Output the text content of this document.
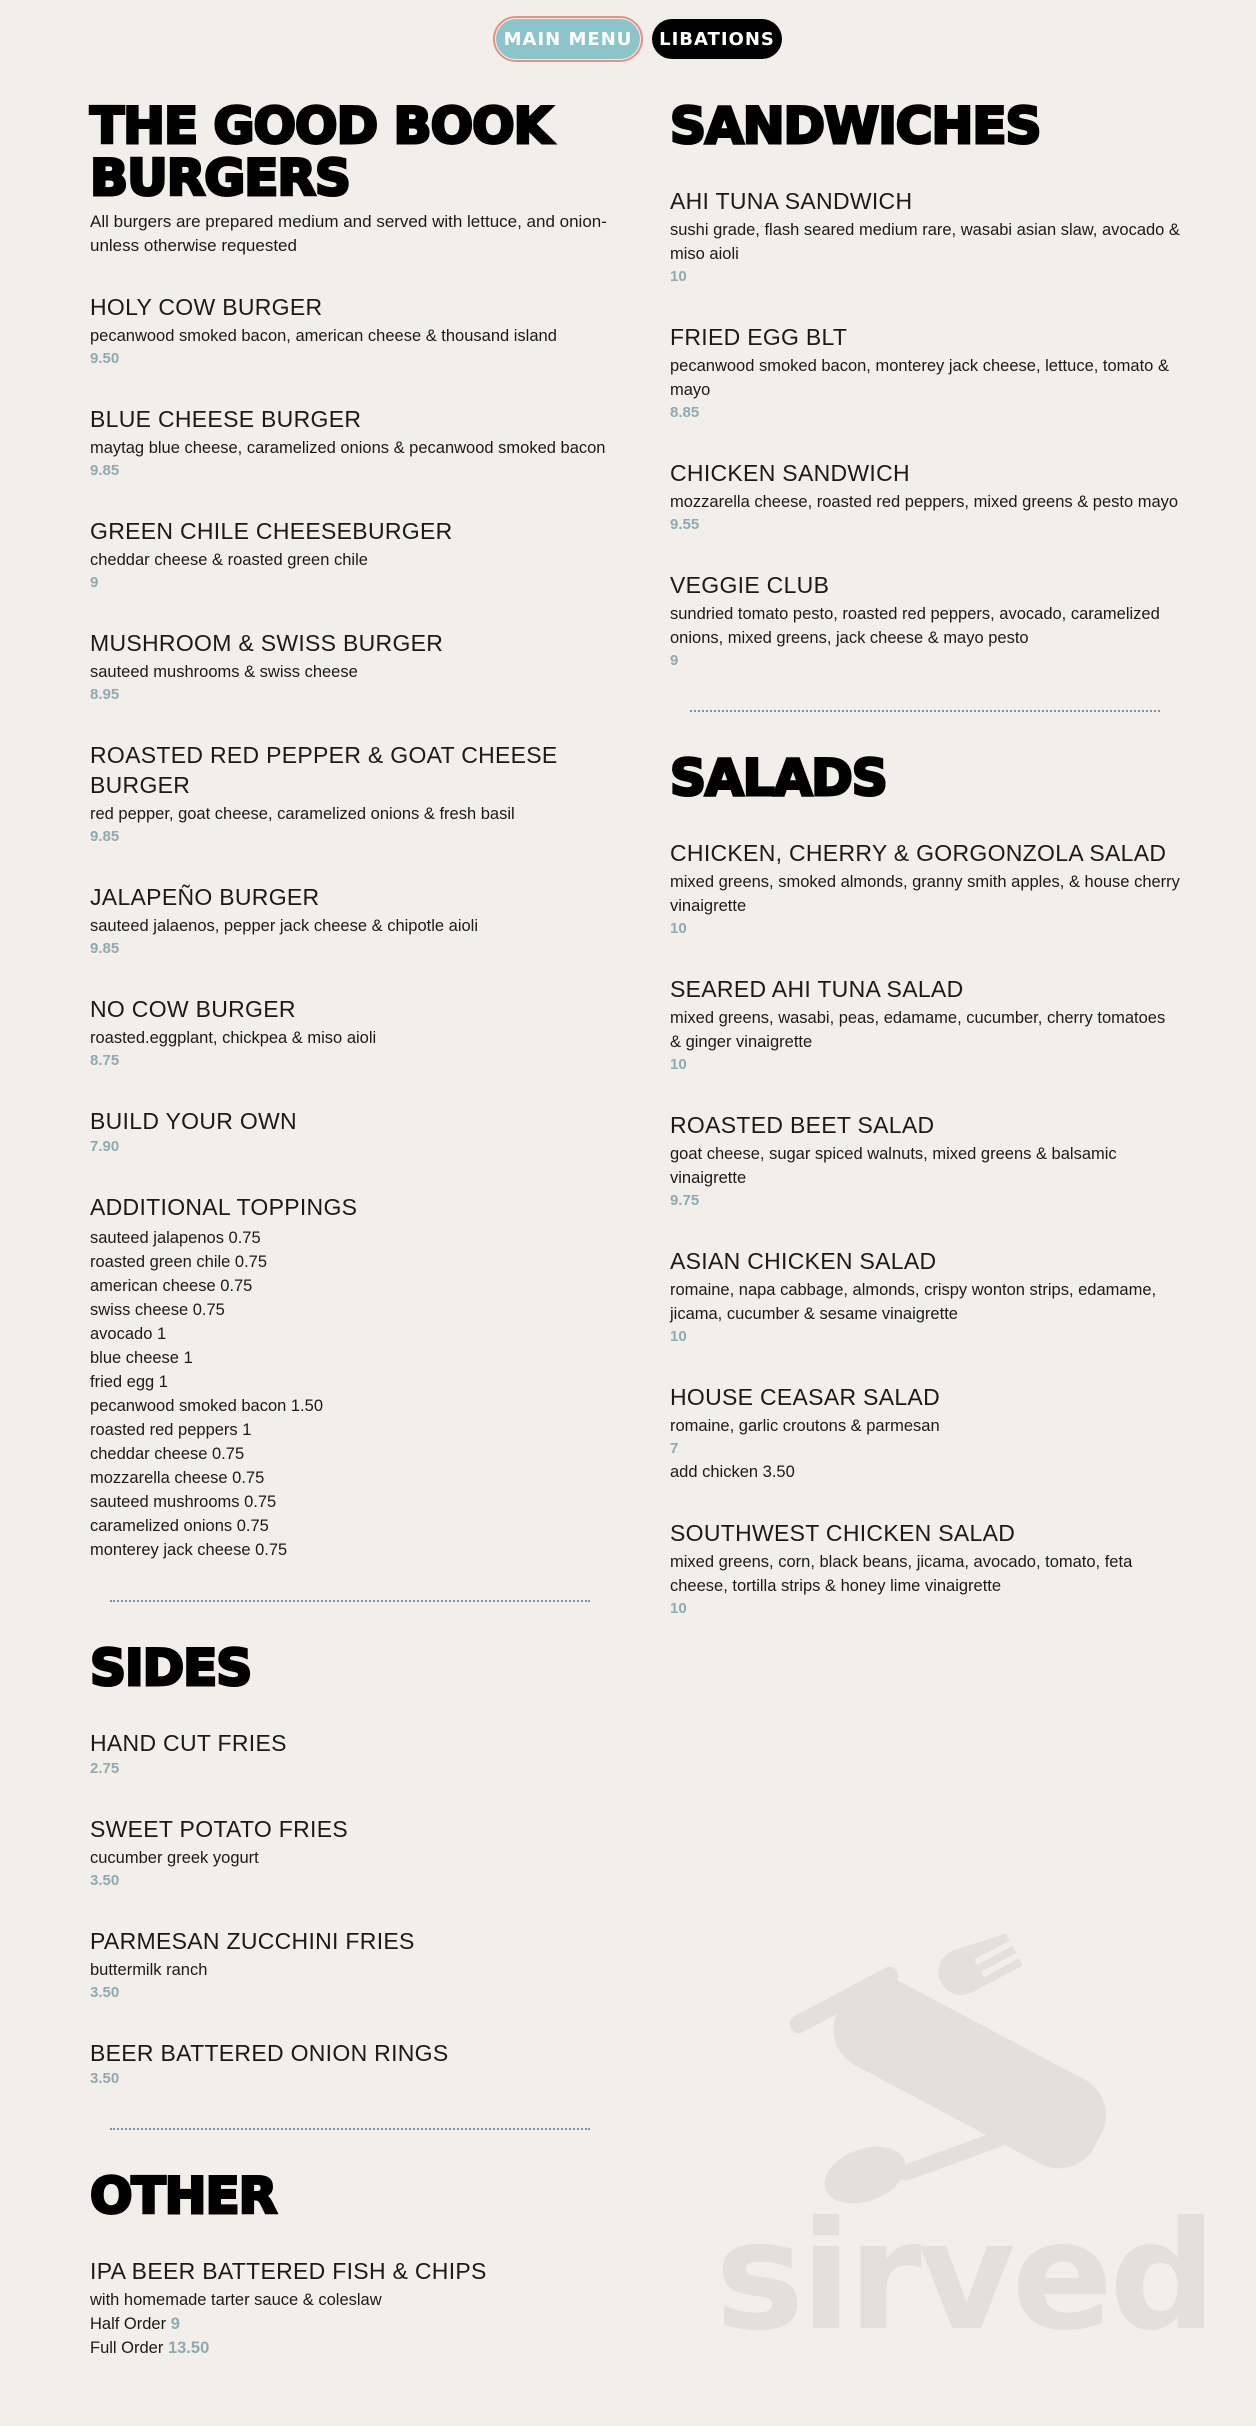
MAIN MENU	LIBATIONS
THE GOOD BOOK BURGERS

All burgers are prepared medium and served with lettuce, and onion-unless otherwise requested

HOLY COW BURGER

pecanwood smoked bacon, american cheese & thousand island

9.50

BLUE CHEESE BURGER

maytag blue cheese, caramelized onions & pecanwood smoked bacon

9.85

GREEN CHILE CHEESEBURGER

cheddar cheese & roasted green chile

9

MUSHROOM & SWISS BURGER

sauteed mushrooms & swiss cheese

8.95

ROASTED RED PEPPER & GOAT CHEESE BURGER

red pepper, goat cheese, caramelized onions & fresh basil

9.85

JALAPEÑO BURGER

sauteed jalaenos, pepper jack cheese & chipotle aioli

9.85

NO COW BURGER

roasted.eggplant, chickpea & miso aioli

8.75

BUILD YOUR OWN

7.90

ADDITIONAL TOPPINGS
sauteed jalapenos 0.75
roasted green chile 0.75
american cheese 0.75
swiss cheese 0.75
avocado 1
blue cheese 1
fried egg 1
pecanwood smoked bacon 1.50
roasted red peppers 1
cheddar cheese 0.75
mozzarella cheese 0.75
sauteed mushrooms 0.75
caramelized onions 0.75
monterey jack cheese 0.75
SIDES
HAND CUT FRIES

2.75

SWEET POTATO FRIES

cucumber greek yogurt

3.50

PARMESAN ZUCCHINI FRIES

buttermilk ranch

3.50

BEER BATTERED ONION RINGS

3.50

OTHER
IPA BEER BATTERED FISH & CHIPS

with homemade tarter sauce & coleslaw

Half Order 9

Full Order 13.50

SANDWICHES
AHI TUNA SANDWICH

sushi grade, flash seared medium rare, wasabi asian slaw, avocado & miso aioli

10

FRIED EGG BLT

pecanwood smoked bacon, monterey jack cheese, lettuce, tomato & mayo

8.85

CHICKEN SANDWICH

mozzarella cheese, roasted red peppers, mixed greens & pesto mayo

9.55

VEGGIE CLUB

sundried tomato pesto, roasted red peppers, avocado, caramelized onions, mixed greens, jack cheese & mayo pesto

9

SALADS
CHICKEN, CHERRY & GORGONZOLA SALAD

mixed greens, smoked almonds, granny smith apples, & house cherry vinaigrette

10

SEARED AHI TUNA SALAD

mixed greens, wasabi, peas, edamame, cucumber, cherry tomatoes & ginger vinaigrette

10

ROASTED BEET SALAD

goat cheese, sugar spiced walnuts, mixed greens & balsamic vinaigrette

9.75

ASIAN CHICKEN SALAD

romaine, napa cabbage, almonds, crispy wonton strips, edamame, jicama, cucumber & sesame vinaigrette

10

HOUSE CEASAR SALAD

romaine, garlic croutons & parmesan

7

add chicken 3.50

SOUTHWEST CHICKEN SALAD

mixed greens, corn, black beans, jicama, avocado, tomato, feta cheese, tortilla strips & honey lime vinaigrette

10

sirved
